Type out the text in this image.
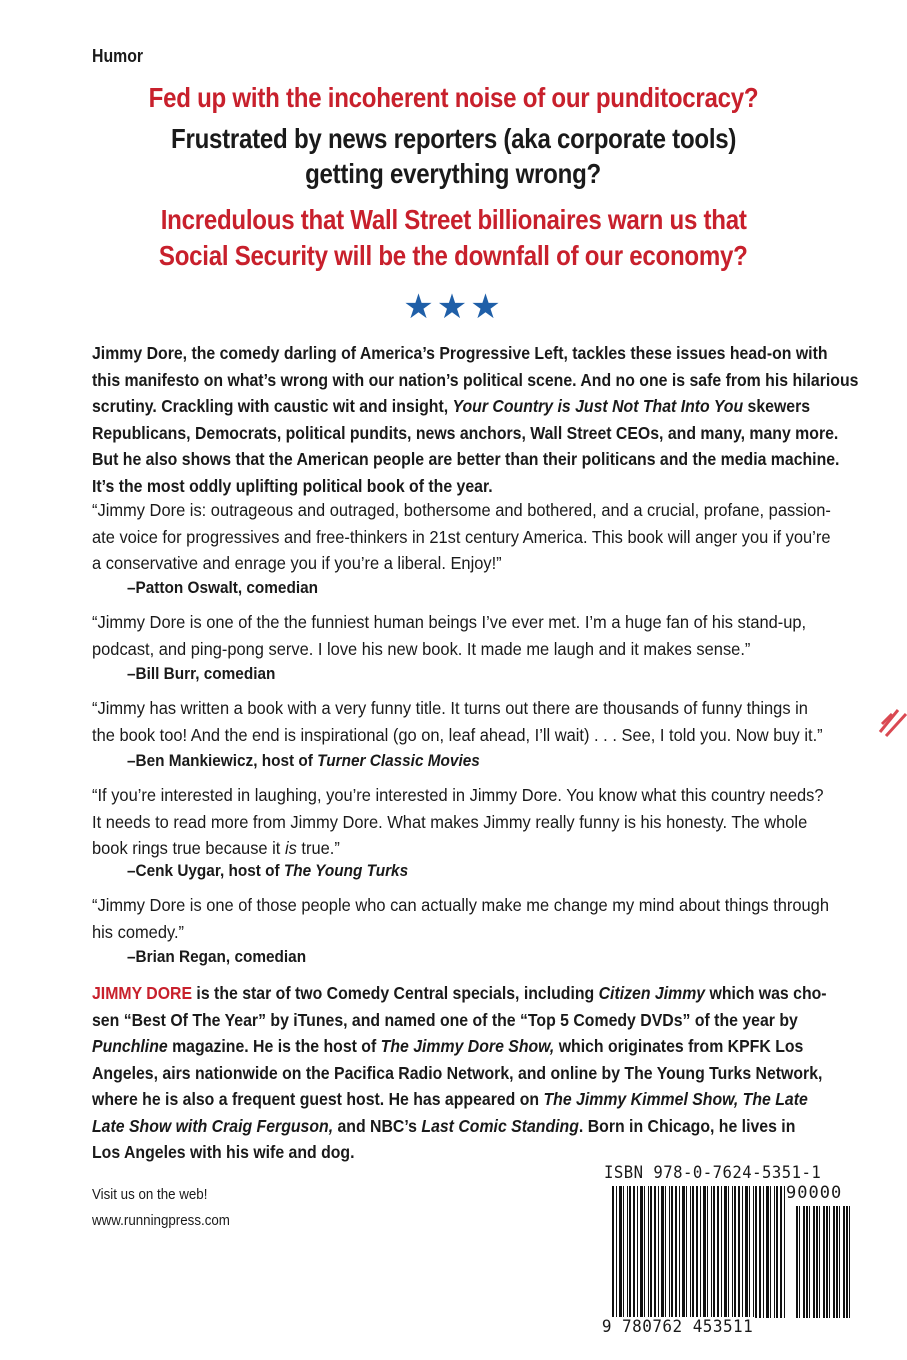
Humor
Fed up with the incoherent noise of our punditocracy?
Frustrated by news reporters (aka corporate tools)
getting everything wrong?
Incredulous that Wall Street billionaires warn us that
Social Security will be the downfall of our economy?
★★★
Jimmy Dore, the comedy darling of America’s Progressive Left, tackles these issues head-on with
this manifesto on what’s wrong with our nation’s political scene. And no one is safe from his hilarious
scrutiny. Crackling with caustic wit and insight, Your Country is Just Not That Into You skewers
Republicans, Democrats, political pundits, news anchors, Wall Street CEOs, and many, many more.
But he also shows that the American people are better than their politicans and the media machine.
It’s the most oddly uplifting political book of the year.
“Jimmy Dore is: outrageous and outraged, bothersome and bothered, and a crucial, profane, passion-
ate voice for progressives and free-thinkers in 21st century America. This book will anger you if you’re
a conservative and enrage you if you’re a liberal. Enjoy!”
–Patton Oswalt, comedian
“Jimmy Dore is one of the the funniest human beings I’ve ever met. I’m a huge fan of his stand-up,
podcast, and ping-pong serve. I love his new book. It made me laugh and it makes sense.”
–Bill Burr, comedian
“Jimmy has written a book with a very funny title. It turns out there are thousands of funny things in
the book too! And the end is inspirational (go on, leaf ahead, I’ll wait) . . . See, I told you. Now buy it.”
–Ben Mankiewicz, host of Turner Classic Movies
“If you’re interested in laughing, you’re interested in Jimmy Dore. You know what this country needs?
It needs to read more from Jimmy Dore. What makes Jimmy really funny is his honesty. The whole
book rings true because it is true.”
–Cenk Uygar, host of The Young Turks
“Jimmy Dore is one of those people who can actually make me change my mind about things through
his comedy.”
–Brian Regan, comedian
JIMMY DORE is the star of two Comedy Central specials, including Citizen Jimmy which was cho-
sen “Best Of The Year” by iTunes, and named one of the “Top 5 Comedy DVDs” of the year by
Punchline magazine. He is the host of The Jimmy Dore Show, which originates from KPFK Los
Angeles, airs nationwide on the Pacifica Radio Network, and online by The Young Turks Network,
where he is also a frequent guest host. He has appeared on The Jimmy Kimmel Show, The Late
Late Show with Craig Ferguson, and NBC’s Last Comic Standing. Born in Chicago, he lives in
Los Angeles with his wife and dog.
Visit us on the web!
www.runningpress.com
ISBN 978-0-7624-5351-1
90000
9 780762 453511
